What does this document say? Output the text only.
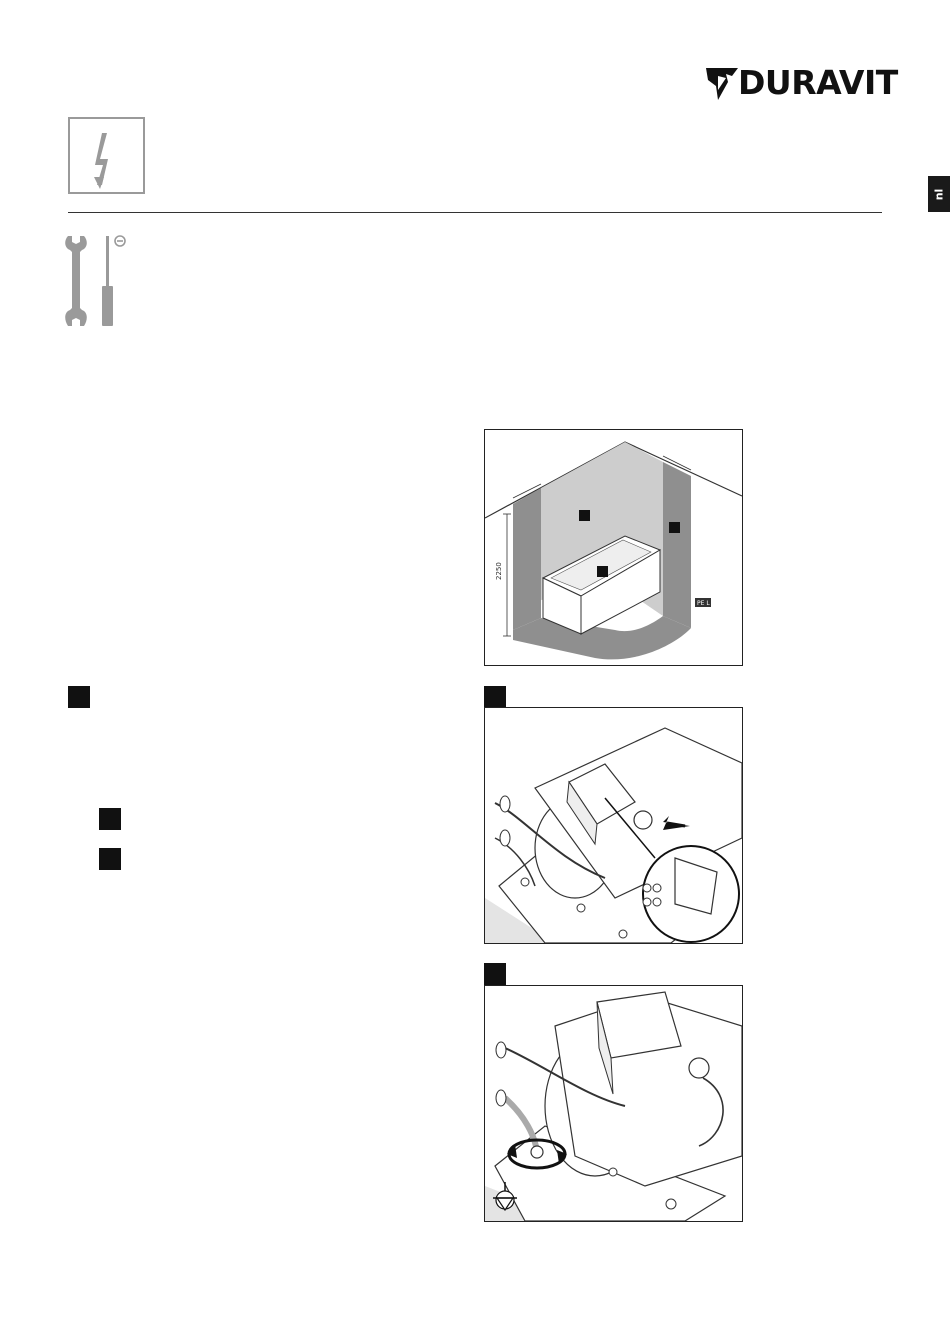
DURAVIT
nl
2250
PE L
